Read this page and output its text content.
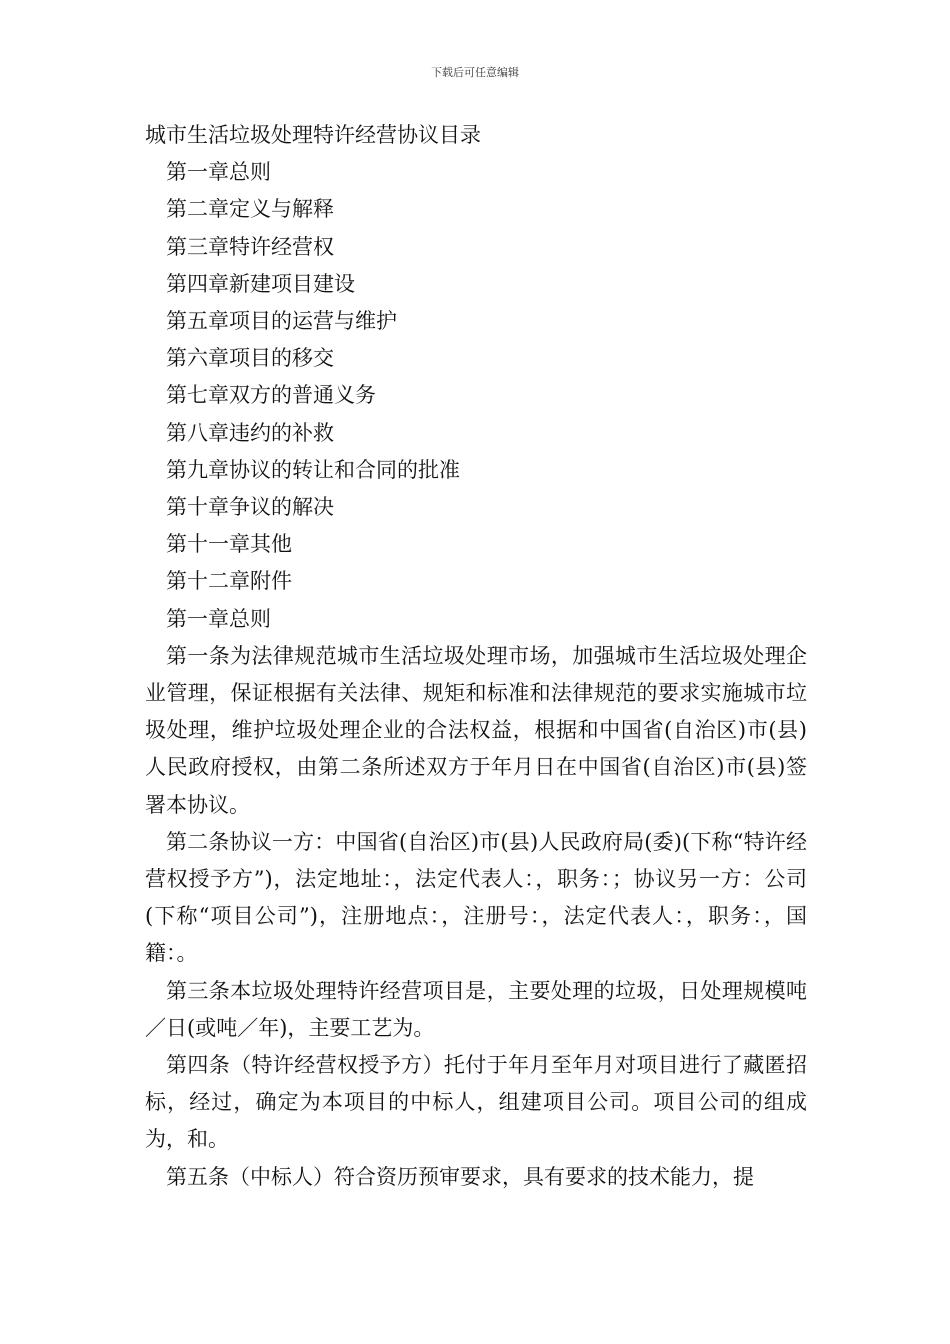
下载后可任意编辑

城市生活垃圾处理特许经营协议目录

第一章总则
第二章定义与解释
第三章特许经营权
第四章新建项目建设
第五章项目的运营与维护
第六章项目的移交
第七章双方的普通义务
第八章违约的补救
第九章协议的转让和合同的批准
第十章争议的解决
第十一章其他
第十二章附件
第一章总则

第一条为法律规范城市生活垃圾处理市场，加强城市生活垃圾处理企业管理，保证根据有关法律、规矩和标准和法律规范的要求实施城市垃圾处理，维护垃圾处理企业的合法权益，根据和中国省(自治区)市(县)人民政府授权，由第二条所述双方于年月日在中国省(自治区)市(县)签署本协议。

第二条协议一方：中国省(自治区)市(县)人民政府局(委)(下称“特许经营权授予方”)，法定地址：，法定代表人：，职务：；协议另一方：公司(下称“项目公司”)，注册地点：，注册号：，法定代表人：，职务：，国籍：。

第三条本垃圾处理特许经营项目是，主要处理的垃圾，日处理规模吨／日(或吨／年)，主要工艺为。

第四条（特许经营权授予方）托付于年月至年月对项目进行了藏匿招标，经过，确定为本项目的中标人，组建项目公司。项目公司的组成为，和。

第五条（中标人）符合资历预审要求，具有要求的技术能力，提
